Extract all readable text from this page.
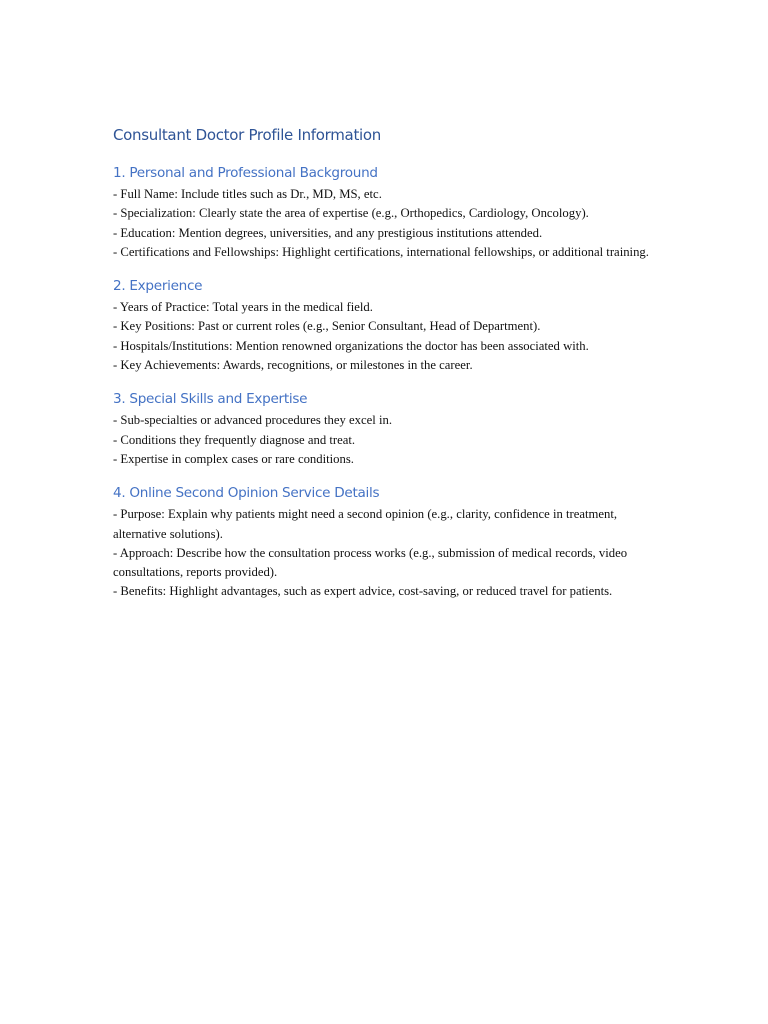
Consultant Doctor Profile Information
1. Personal and Professional Background

- Full Name: Include titles such as Dr., MD, MS, etc.

- Specialization: Clearly state the area of expertise (e.g., Orthopedics, Cardiology, Oncology).

- Education: Mention degrees, universities, and any prestigious institutions attended.

- Certifications and Fellowships: Highlight certifications, international fellowships, or additional training.

2. Experience

- Years of Practice: Total years in the medical field.

- Key Positions: Past or current roles (e.g., Senior Consultant, Head of Department).

- Hospitals/Institutions: Mention renowned organizations the doctor has been associated with.

- Key Achievements: Awards, recognitions, or milestones in the career.

3. Special Skills and Expertise

- Sub-specialties or advanced procedures they excel in.

- Conditions they frequently diagnose and treat.

- Expertise in complex cases or rare conditions.

4. Online Second Opinion Service Details

- Purpose: Explain why patients might need a second opinion (e.g., clarity, confidence in treatment, alternative solutions).

- Approach: Describe how the consultation process works (e.g., submission of medical records, video consultations, reports provided).

- Benefits: Highlight advantages, such as expert advice, cost-saving, or reduced travel for patients.
